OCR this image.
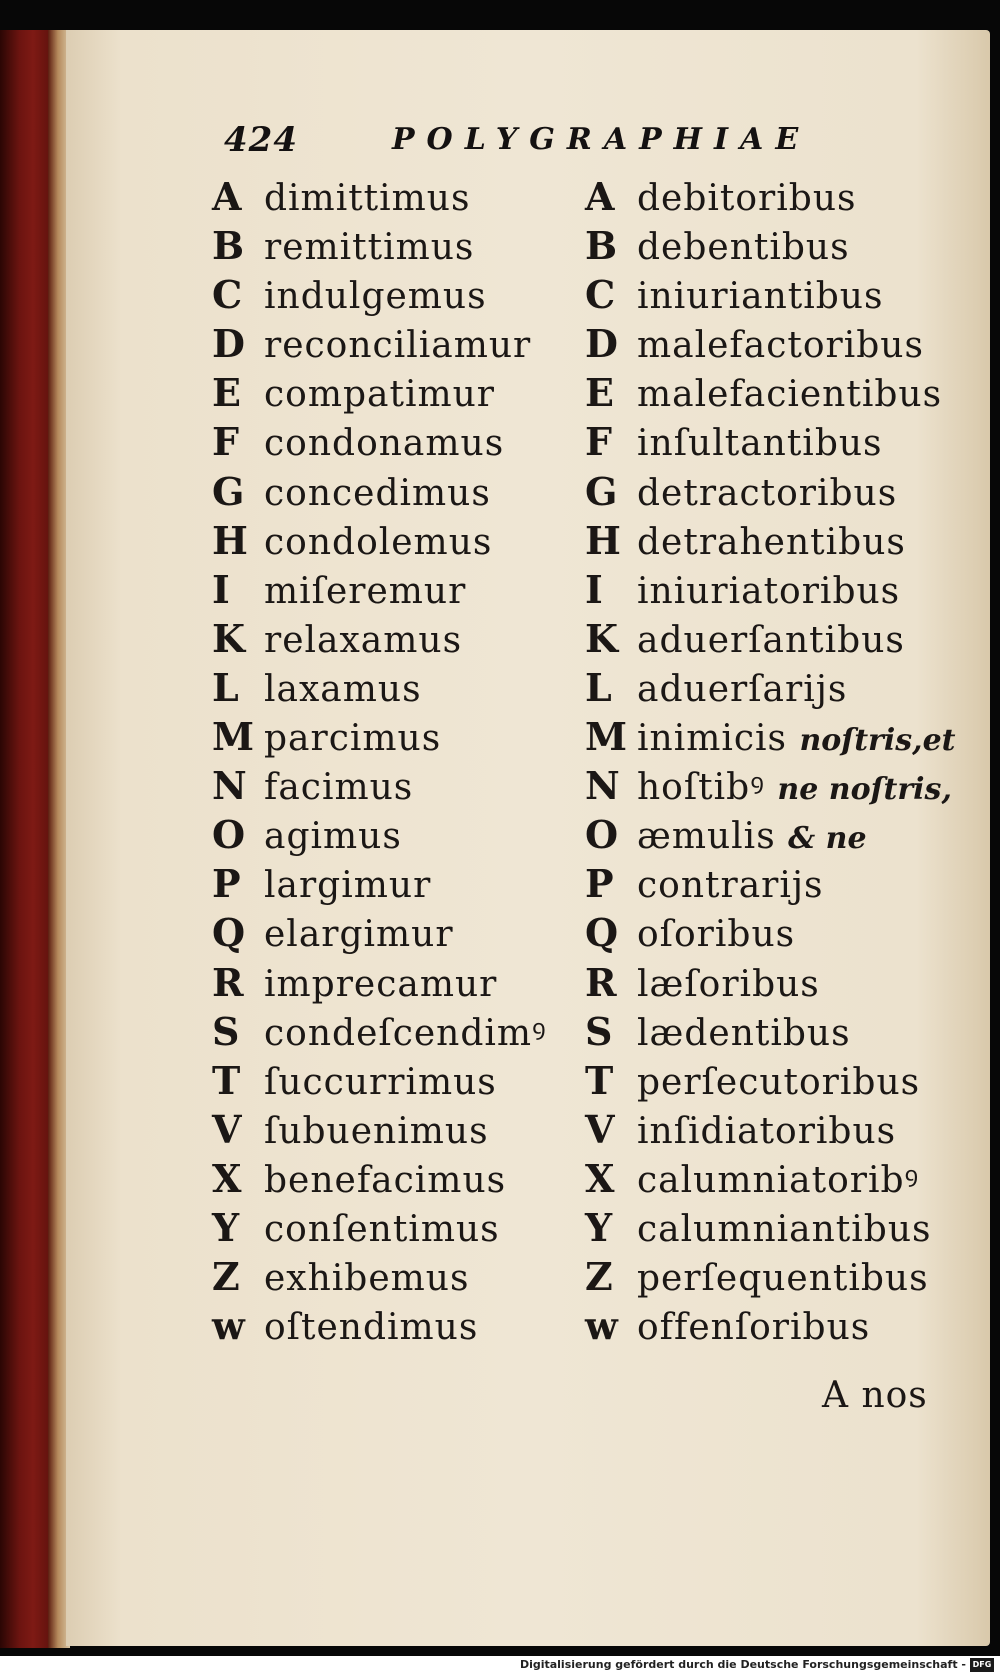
424	POLYGRAPHIAE
A dimittimus
B remittimus
C indulgemus
D reconciliamur
E compatimur
F condonamus
G concedimus
H condolemus
I miſeremur
K relaxamus
L laxamus
M parcimus
N facimus
O agimus
P largimur
Q elargimur
R imprecamur
S condeſcendimꝰ
T ſuccurrimus
V ſubuenimus
X benefacimus
Y conſentimus
Z exhibemus
w oſtendimus
A debitoribus
B debentibus
C iniuriantibus
D malefactoribus
E malefacientibus
F inſultantibus
G detractoribus
H detrahentibus
I iniuriatoribus
K aduerſantibus
L aduerſarijs
M inimicis noſtris,et
N hoſtibꝰ ne noſtris,
O æmulis & ne
P contrarijs
Q oſoribus
R læſoribus
S lædentibus
T perſecutoribus
V inſidiatoribus
X calumniatoribꝰ
Y calumniantibus
Z perſequentibus
w offenſoribus
A nos
Digitalisierung gefördert durch die Deutsche Forschungsgemeinschaft - DFG
